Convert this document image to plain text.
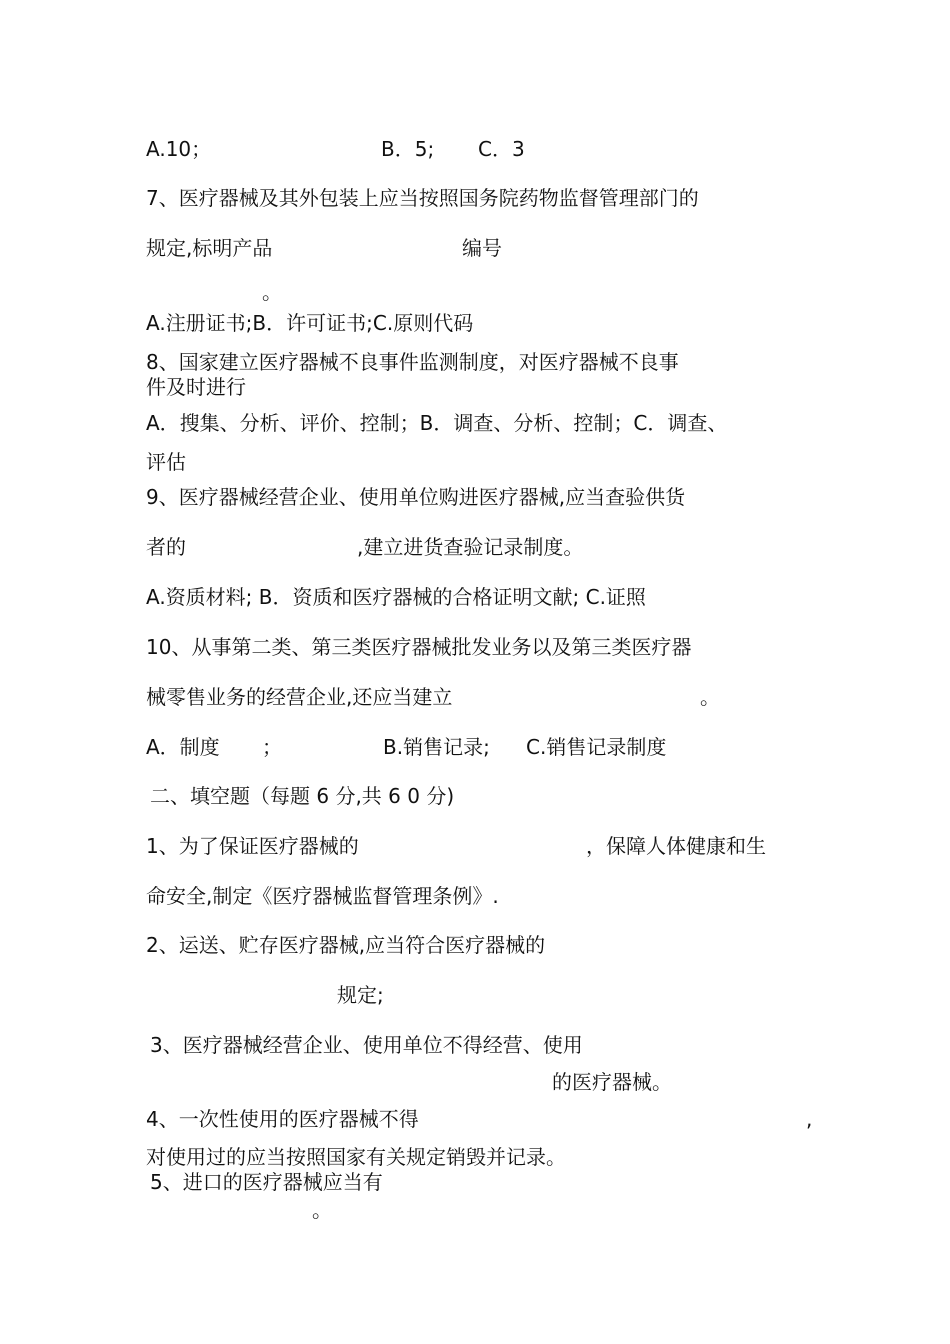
A.10；	B．5; C．3

7、医疗器械及其外包装上应当按照国务院药物监督管理部门的

规定,标明产品	编号

。

A.注册证书;B．许可证书;C.原则代码

8、国家建立医疗器械不良事件监测制度，对医疗器械不良事

件及时进行

A．搜集、分析、评价、控制；B．调查、分析、控制；C．调查、

评估

9、医疗器械经营企业、使用单位购进医疗器械,应当查验供货

者的	,建立进货查验记录制度。

A.资质材料; B．资质和医疗器械的合格证明文献; C.证照

10、从事第二类、第三类医疗器械批发业务以及第三类医疗器

械零售业务的经营企业,还应当建立	。

A．制度 ；	B.销售记录; C.销售记录制度

二、填空题（每题 6 分,共 6 0 分)

1、为了保证医疗器械的	，保障人体健康和生

命安全,制定《医疗器械监督管理条例》.

2、运送、贮存医疗器械,应当符合医疗器械的

规定;

3、医疗器械经营企业、使用单位不得经营、使用

的医疗器械。

4、一次性使用的医疗器械不得	,

对使用过的应当按照国家有关规定销毁并记录。

5、进口的医疗器械应当有

。
